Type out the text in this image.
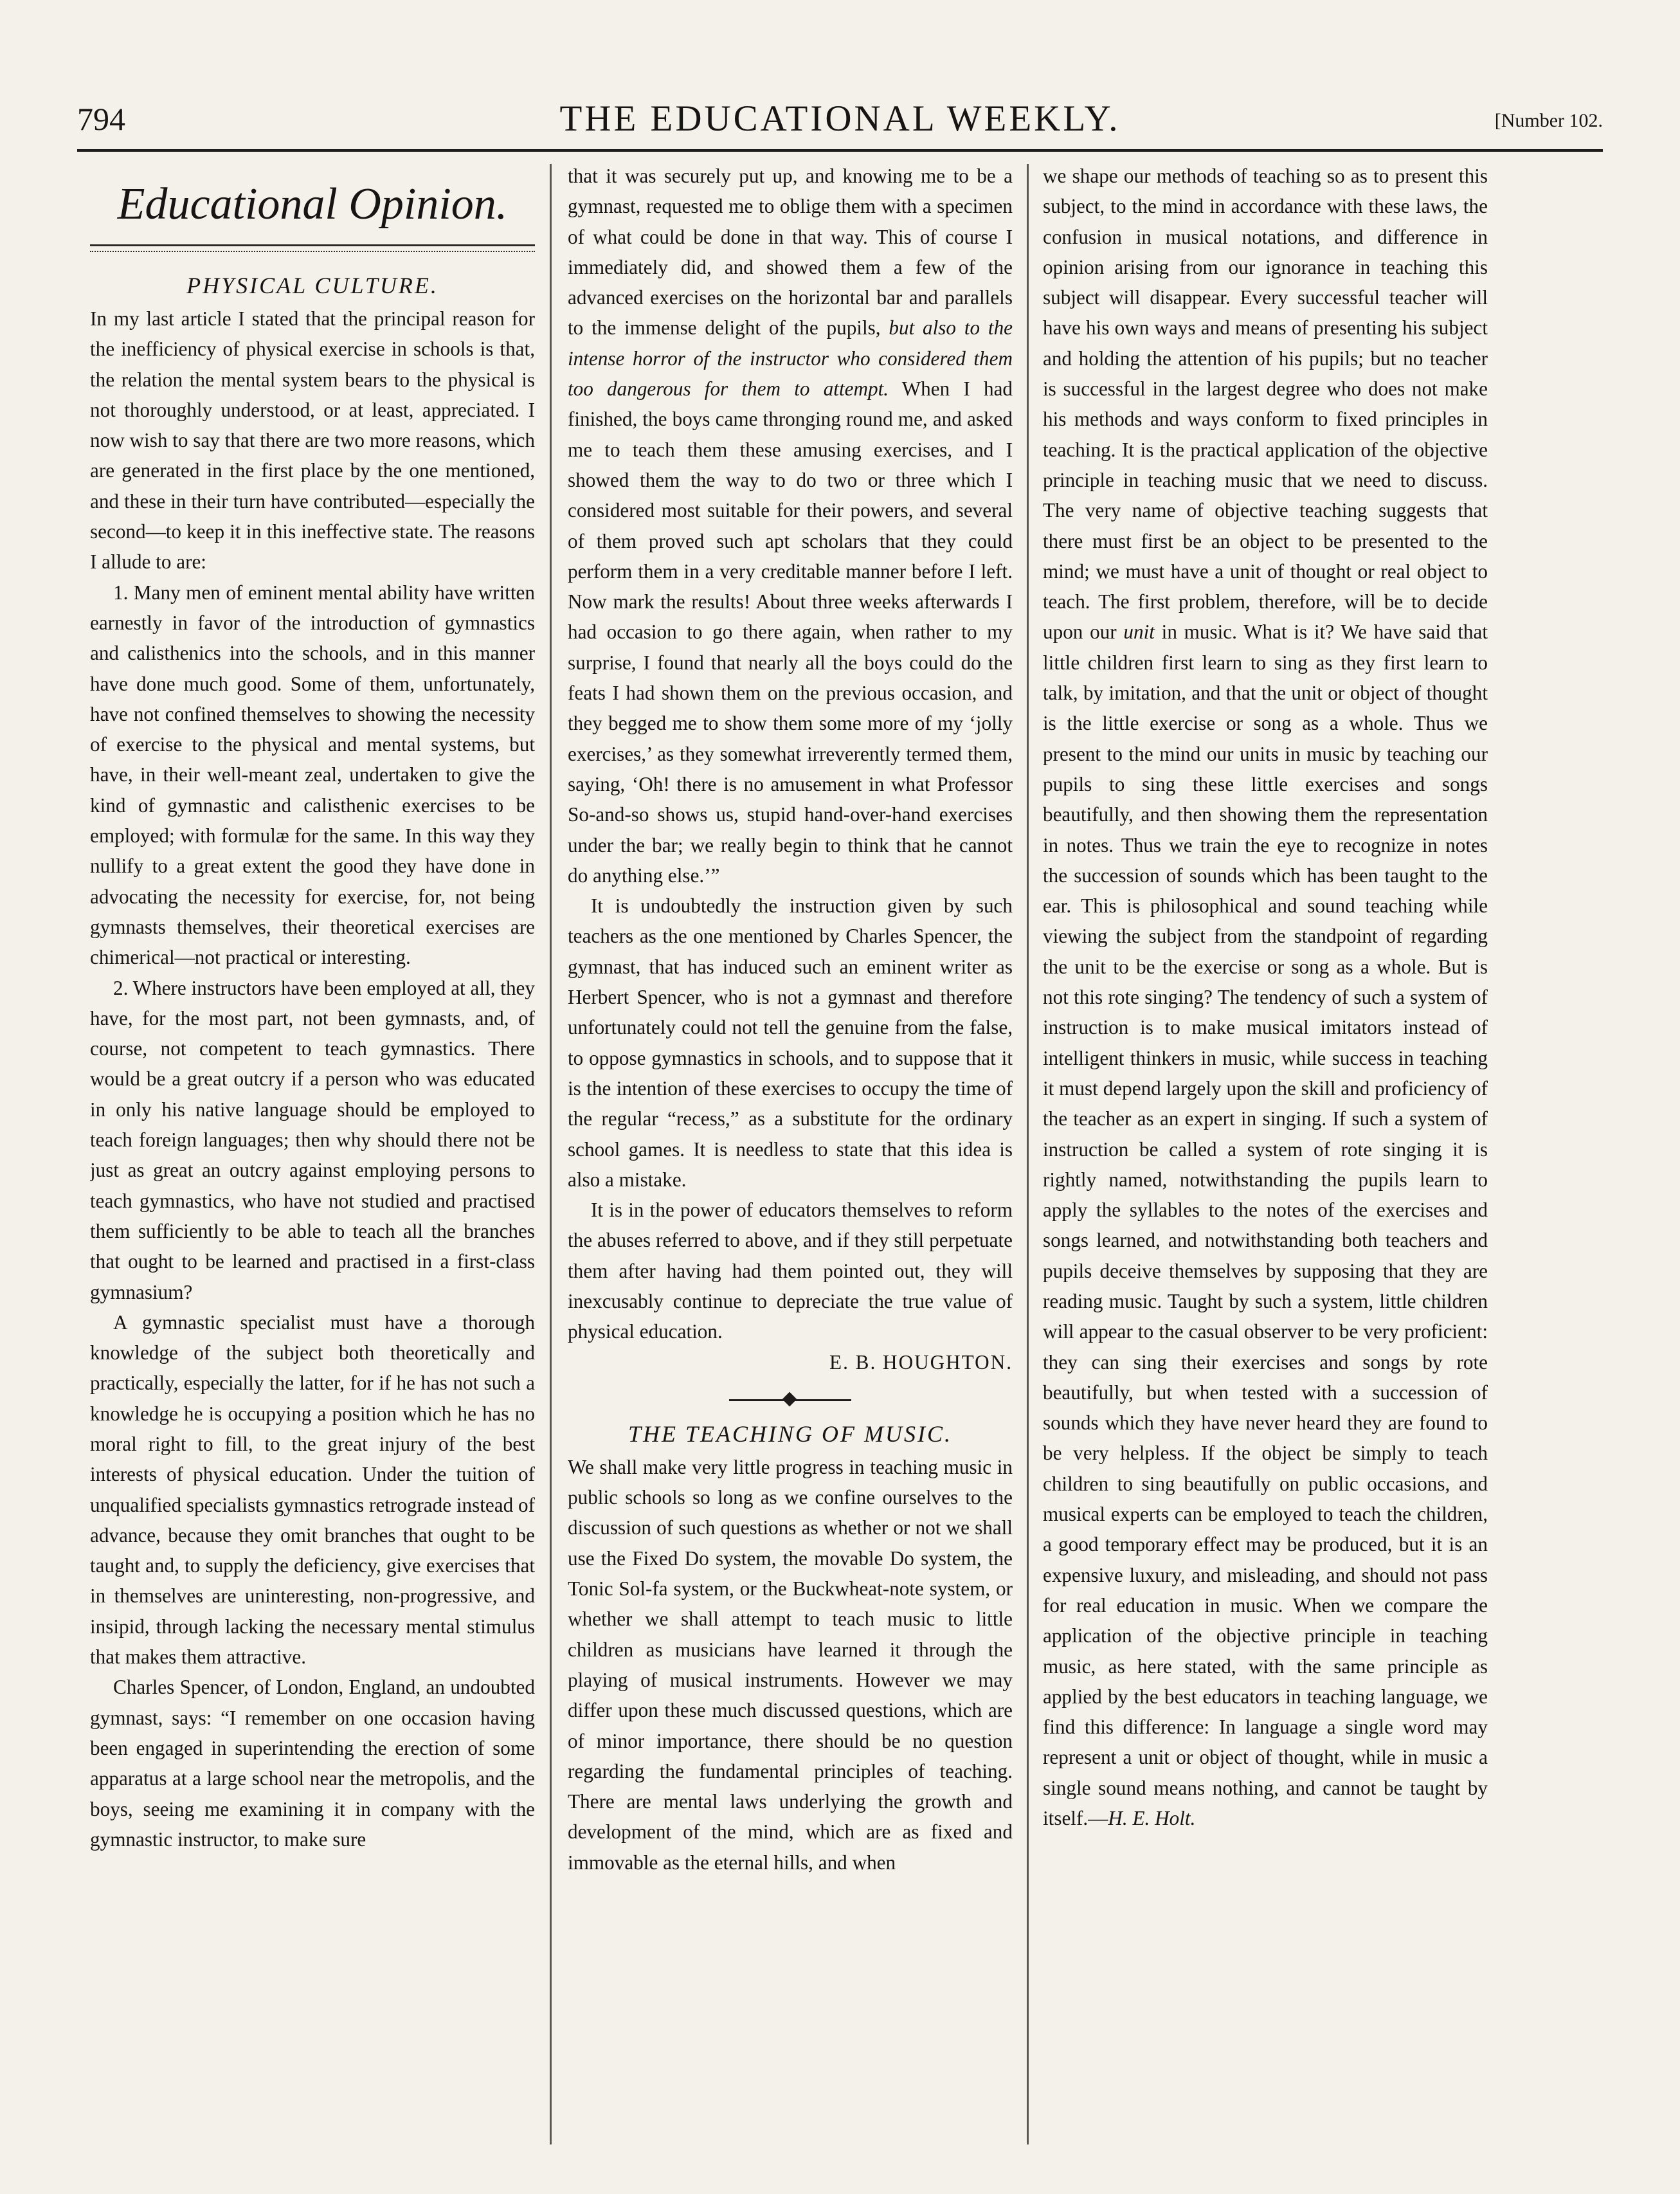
794	THE EDUCATIONAL WEEKLY.	[Number 102.
Educational Opinion.
PHYSICAL CULTURE.

In my last article I stated that the principal reason for the inefficiency of physical exercise in schools is that, the relation the mental system bears to the physical is not thoroughly understood, or at least, appreciated. I now wish to say that there are two more reasons, which are generated in the first place by the one mentioned, and these in their turn have contributed—especially the second—to keep it in this ineffective state. The reasons I allude to are:

1. Many men of eminent mental ability have written earnestly in favor of the introduction of gymnastics and calisthenics into the schools, and in this manner have done much good. Some of them, unfortunately, have not confined themselves to showing the necessity of exercise to the physical and mental systems, but have, in their well-meant zeal, undertaken to give the kind of gymnastic and calisthenic exercises to be employed; with formulæ for the same. In this way they nullify to a great extent the good they have done in advocating the necessity for exercise, for, not being gymnasts themselves, their theoretical exercises are chimerical—not practical or interesting.

2. Where instructors have been employed at all, they have, for the most part, not been gymnasts, and, of course, not competent to teach gymnastics. There would be a great outcry if a person who was educated in only his native language should be employed to teach foreign languages; then why should there not be just as great an outcry against employing persons to teach gymnastics, who have not studied and practised them sufficiently to be able to teach all the branches that ought to be learned and practised in a first-class gymnasium?

A gymnastic specialist must have a thorough knowledge of the subject both theoretically and practically, especially the latter, for if he has not such a knowledge he is occupying a position which he has no moral right to fill, to the great injury of the best interests of physical education. Under the tuition of unqualified specialists gymnastics retrograde instead of advance, because they omit branches that ought to be taught and, to supply the deficiency, give exercises that in themselves are uninteresting, non-progressive, and insipid, through lacking the necessary mental stimulus that makes them attractive.

Charles Spencer, of London, England, an undoubted gymnast, says: “I remember on one occasion having been engaged in superintending the erection of some apparatus at a large school near the metropolis, and the boys, seeing me examining it in company with the gymnastic instructor, to make sure

that it was securely put up, and knowing me to be a gymnast, requested me to oblige them with a specimen of what could be done in that way. This of course I immediately did, and showed them a few of the advanced exercises on the horizontal bar and parallels to the immense delight of the pupils, but also to the intense horror of the instructor who considered them too dangerous for them to attempt. When I had finished, the boys came thronging round me, and asked me to teach them these amusing exercises, and I showed them the way to do two or three which I considered most suitable for their powers, and several of them proved such apt scholars that they could perform them in a very creditable manner before I left. Now mark the results! About three weeks afterwards I had occasion to go there again, when rather to my surprise, I found that nearly all the boys could do the feats I had shown them on the previous occasion, and they begged me to show them some more of my ‘jolly exercises,’ as they somewhat irreverently termed them, saying, ‘Oh! there is no amusement in what Professor So-and-so shows us, stupid hand-over-hand exercises under the bar; we really begin to think that he cannot do anything else.’”

It is undoubtedly the instruction given by such teachers as the one mentioned by Charles Spencer, the gymnast, that has induced such an eminent writer as Herbert Spencer, who is not a gymnast and therefore unfortunately could not tell the genuine from the false, to oppose gymnastics in schools, and to suppose that it is the intention of these exercises to occupy the time of the regular “recess,” as a substitute for the ordinary school games. It is needless to state that this idea is also a mistake.

It is in the power of educators themselves to reform the abuses referred to above, and if they still perpetuate them after having had them pointed out, they will inexcusably continue to depreciate the true value of physical education.

E. B. HOUGHTON.
THE TEACHING OF MUSIC.

We shall make very little progress in teaching music in public schools so long as we confine ourselves to the discussion of such questions as whether or not we shall use the Fixed Do system, the movable Do system, the Tonic Sol-fa system, or the Buckwheat-note system, or whether we shall attempt to teach music to little children as musicians have learned it through the playing of musical instruments. However we may differ upon these much discussed questions, which are of minor importance, there should be no question regarding the fundamental principles of teaching. There are mental laws underlying the growth and development of the mind, which are as fixed and immovable as the eternal hills, and when

we shape our methods of teaching so as to present this subject, to the mind in accordance with these laws, the confusion in musical notations, and difference in opinion arising from our ignorance in teaching this subject will disappear. Every successful teacher will have his own ways and means of presenting his subject and holding the attention of his pupils; but no teacher is successful in the largest degree who does not make his methods and ways conform to fixed principles in teaching. It is the practical application of the objective principle in teaching music that we need to discuss. The very name of objective teaching suggests that there must first be an object to be presented to the mind; we must have a unit of thought or real object to teach. The first problem, therefore, will be to decide upon our unit in music. What is it? We have said that little children first learn to sing as they first learn to talk, by imitation, and that the unit or object of thought is the little exercise or song as a whole. Thus we present to the mind our units in music by teaching our pupils to sing these little exercises and songs beautifully, and then showing them the representation in notes. Thus we train the eye to recognize in notes the succession of sounds which has been taught to the ear. This is philosophical and sound teaching while viewing the subject from the standpoint of regarding the unit to be the exercise or song as a whole. But is not this rote singing? The tendency of such a system of instruction is to make musical imitators instead of intelligent thinkers in music, while success in teaching it must depend largely upon the skill and proficiency of the teacher as an expert in singing. If such a system of instruction be called a system of rote singing it is rightly named, notwithstanding the pupils learn to apply the syllables to the notes of the exercises and songs learned, and notwithstanding both teachers and pupils deceive themselves by supposing that they are reading music. Taught by such a system, little children will appear to the casual observer to be very proficient: they can sing their exercises and songs by rote beautifully, but when tested with a succession of sounds which they have never heard they are found to be very helpless. If the object be simply to teach children to sing beautifully on public occasions, and musical experts can be employed to teach the children, a good temporary effect may be produced, but it is an expensive luxury, and misleading, and should not pass for real education in music. When we compare the application of the objective principle in teaching music, as here stated, with the same principle as applied by the best educators in teaching language, we find this difference: In language a single word may represent a unit or object of thought, while in music a single sound means nothing, and cannot be taught by itself.—H. E. Holt.
